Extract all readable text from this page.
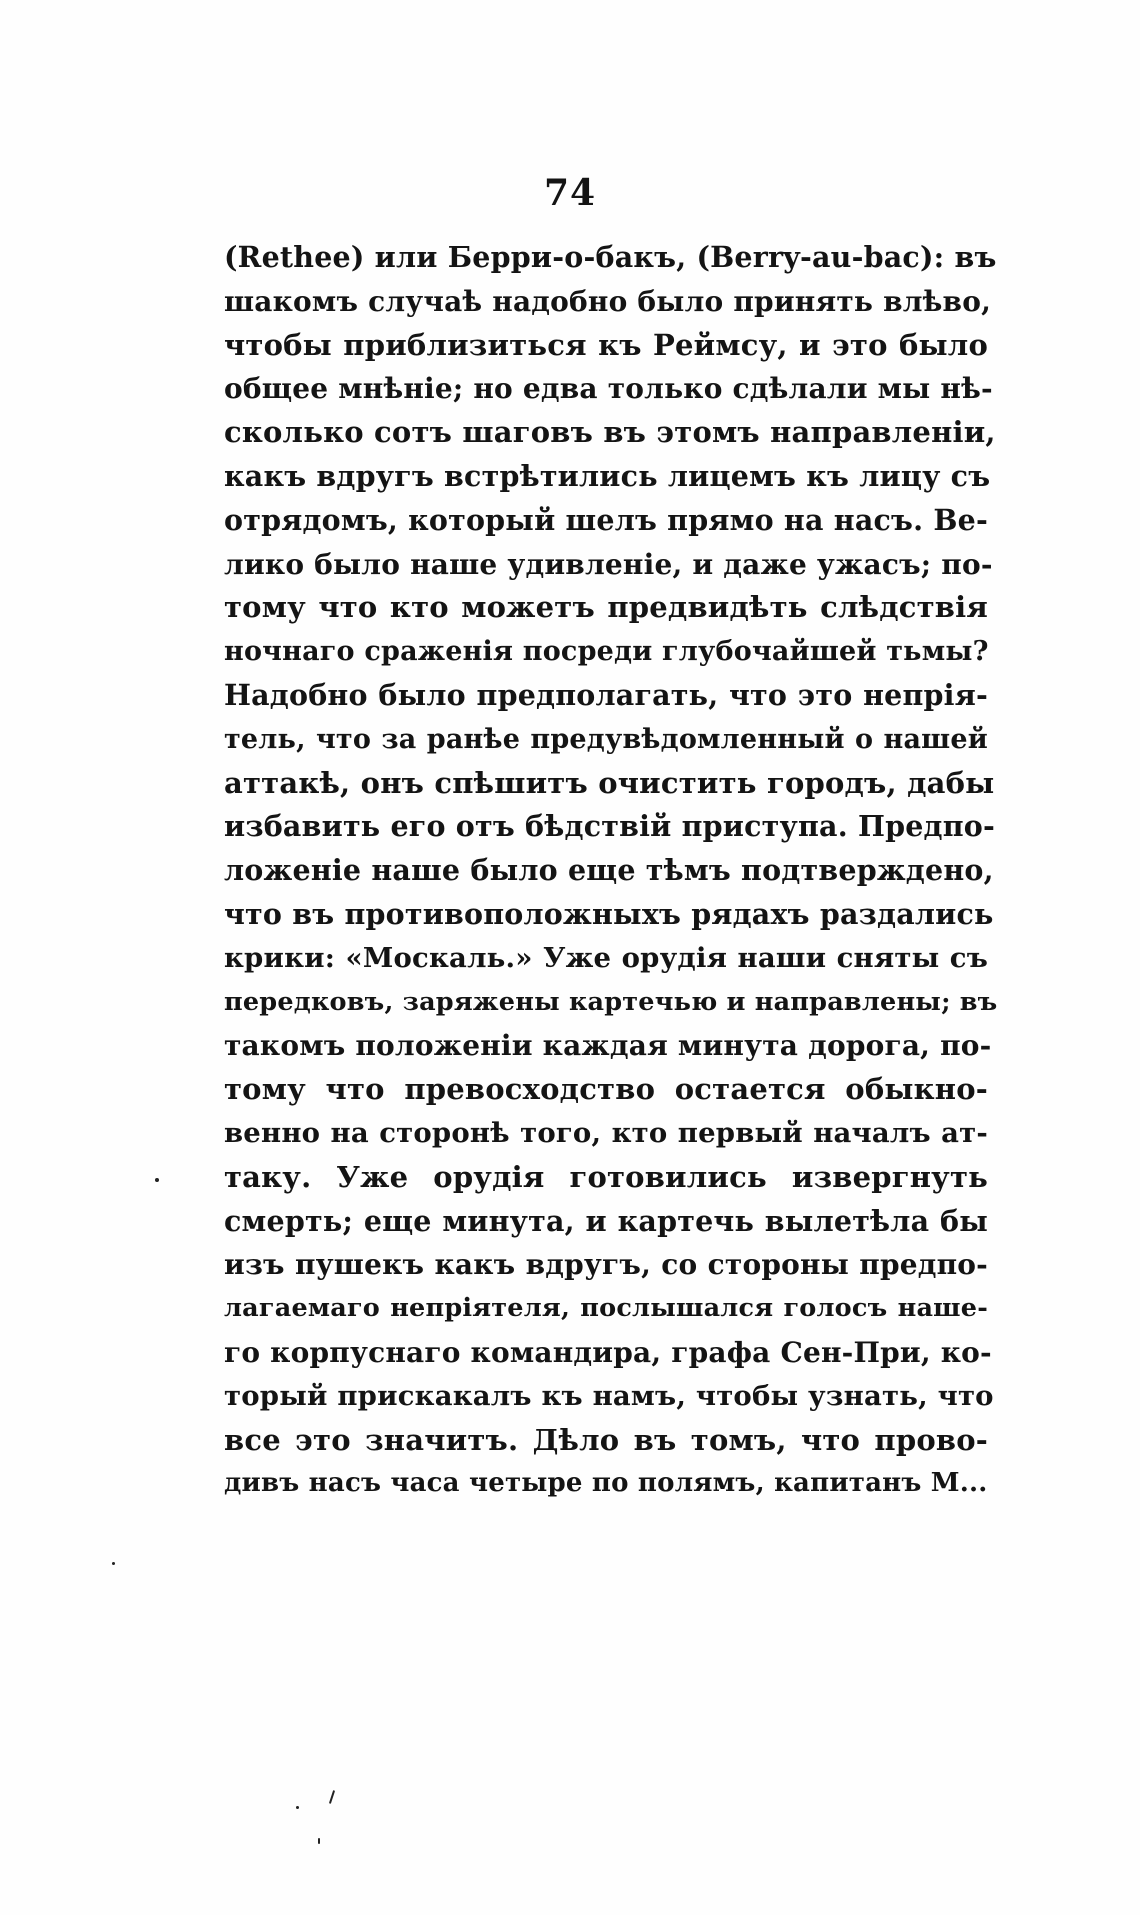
74
(Rethee) или Берри-о-бакъ, (Berry-au-bac): въ
шакомъ случаѣ надобно было принять влѣво,
чтобы приблизиться къ Реймсу, и это было
общее мнѣніе; но едва только сдѣлали мы нѣ-
сколько сотъ шаговъ въ этомъ направленіи,
какъ вдругъ встрѣтились лицемъ къ лицу съ
отрядомъ, который шелъ прямо на насъ. Ве-
лико было наше удивленіе, и даже ужасъ; по-
тому что кто можетъ предвидѣть слѣдствія
ночнаго сраженія посреди глубочайшей тьмы?
Надобно было предполагать, что это непрія-
тель, что за ранѣе предувѣдомленный о нашей
аттакѣ, онъ спѣшитъ очистить городъ, дабы
избавить его отъ бѣдствій приступа. Предпо-
ложеніе наше было еще тѣмъ подтверждено,
что въ противоположныхъ рядахъ раздались
крики: «Москаль.» Уже орудія наши сняты съ
передковъ, заряжены картечью и направлены; въ
такомъ положеніи каждая минута дорога, по-
тому что превосходство остается обыкно-
венно на сторонѣ того, кто первый началъ ат-
таку. Уже орудія готовились извергнуть
смерть; еще минута, и картечь вылетѣла бы
изъ пушекъ какъ вдругъ, со стороны предпо-
лагаемаго непріятеля, послышался голосъ наше-
го корпуснаго командира, графа Сен-При, ко-
торый прискакалъ къ намъ, чтобы узнать, что
все это значитъ. Дѣло въ томъ, что прово-
дивъ насъ часа четыре по полямъ, капитанъ М...
